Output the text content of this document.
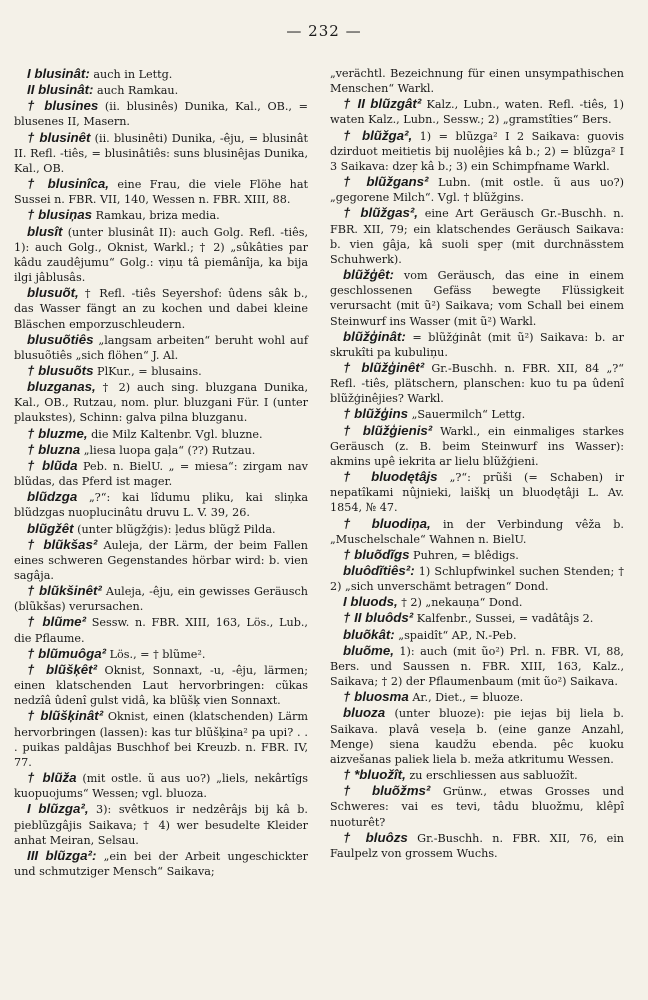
— 232 —

I blusinât: auch in Lettg.

II blusinât: auch Ramkau.

† blusines (ii. blusinês) Dunika, Kal., OB., = blusenes II, Masern.

† blusinêt (ii. blusinêti) Dunika, -êju, = blusinât II. Refl. -tiês, = blusinâtiês: suns blusinêjas Dunika, Kal., OB.

† blusinîca, eine Frau, die viele Flöhe hat Sussei n. FBR. VII, 140, Wessen n. FBR. XIII, 88.

† blusiņas Ramkau, briza media.

blusît (unter blusinât II): auch Golg. Refl. -tiês, 1): auch Golg., Oknist, Warkl.; † 2) „sûkâties par kâdu zaudêjumu“ Golg.: viņu tâ piemânîja, ka bija ilgi jâblusâs.

blusuõt, † Refl. -tiês Seyershof: ûdens sâk b., das Wasser fängt an zu kochen und dabei kleine Bläschen emporzuschleudern.

blusuõtiês „langsam arbeiten“ beruht wohl auf blusuõtiês „sich flöhen“ J. Al.

† blusuõts PlKur., = blusains.

bluzganas, † 2) auch sing. bluzgana Dunika, Kal., OB., Rutzau, nom. plur. bluzgani Für. I (unter plaukstes), Schinn: galva pilna bluzganu.

† bluzme, die Milz Kaltenbr. Vgl. bluzne.

† bluzna „liesa luopa gaļa“ (??) Rutzau.

† blũda Peb. n. BielU. „ = miesa“: zirgam nav blũdas, das Pferd ist mager.

blũdzga „?“: kai lîdumu pliku, kai sliņka blũdzgas nuoplucinâtu druvu L. V. 39, 26.

blũgžêt (unter blũgžģis): ļedus blũgž Pilda.

† blũkšas² Auleja, der Lärm, der beim Fallen eines schweren Gegenstandes hörbar wird: b. vien sagâja.

† blũkšinêt² Auleja, -êju, ein gewisses Geräusch (blũkšas) verursachen.

† blũme² Sessw. n. FBR. XIII, 163, Lös., Lub., die Pflaume.

† blũmuôga² Lös., = † blũme².

† blũšķêt² Oknist, Sonnaxt, -u, -êju, lärmen; einen klatschenden Laut hervorbringen: cũkas nedzîâ ûdenî gulst vidâ, ka blũšķ vien Sonnaxt.

† blũšķinât² Oknist, einen (klatschenden) Lärm hervorbringen (lassen): kas tur blũšķina² pa upi? . . . puikas paldâjas Buschhof bei Kreuzb. n. FBR. IV, 77.

† blũža (mit ostle. ũ aus uo?) „liels, nekârtîgs kuopuojums“ Wessen; vgl. bluoza.

I blũzga², 3): svêtkuos ir nedzêrâjs bij kâ b. pieblũzgâjis Saikava; † 4) wer besudelte Kleider anhat Meiran, Selsau.

III blũzga²: „ein bei der Arbeit ungeschickter und schmutziger Mensch“ Saikava;

„verächtl. Bezeichnung für einen unsympathischen Menschen“ Warkl.

† II blũzgât² Kalz., Lubn., waten. Refl. -tiês, 1) waten Kalz., Lubn., Sessw.; 2) „gramstîties“ Bers.

† blũžga², 1) = blũzga² I 2 Saikava: guovis dzirduot meitietis bij nuolêjies kâ b.; 2) = blũzga² I 3 Saikava: dzeŗ kâ b.; 3) ein Schimpfname Warkl.

† blũžgans² Lubn. (mit ostle. ũ aus uo?) „gegorene Milch“. Vgl. † blũžgins.

† blũžgas², eine Art Geräusch Gr.-Buschh. n. FBR. XII, 79; ein klatschendes Geräusch Saikava: b. vien gâja, kâ suoli speŗ (mit durchnässtem Schuhwerk).

blũžģêt: vom Geräusch, das eine in einem geschlossenen Gefäss bewegte Flüssigkeit verursacht (mit ũ²) Saikava; vom Schall bei einem Steinwurf ins Wasser (mit ũ²) Warkl.

blũžģinât: = blũžģinât (mit ũ²) Saikava: b. ar skrukîti pa kubuliņu.

† blũžģinêt² Gr.-Buschh. n. FBR. XII, 84 „?“ Refl. -tiês, plätschern, planschen: kuo tu pa ûdenî blũžģinêjies? Warkl.

† blũžģins „Sauermilch“ Lettg.

† blũžģienis² Warkl., ein einmaliges starkes Geräusch (z. B. beim Steinwurf ins Wasser): akmins upê iekrita ar lielu blũžģieni.

† bluodętâjs „?“: prũši (= Schaben) ir nepatîkami nûjnieki, laiškį un bluodętâji L. Av. 1854, № 47.

† bluodiņa, in der Verbindung vêža b. „Muschelschale“ Wahnen n. BielU.

† bluõdĩgs Puhren, = blêdigs.

bluôdĩtiês²: 1) Schlupfwinkel suchen Stenden; † 2) „sich unverschämt betragen“ Dond.

I bluods, † 2) „nekauņa“ Dond.

† II bluôds² Kalfenbr., Sussei, = vadâtâjs 2.

bluõkât: „spaidît“ AP., N.-Peb.

bluõme, 1): auch (mit ũo²) Prl. n. FBR. VI, 88, Bers. und Saussen n. FBR. XIII, 163, Kalz., Saikava; † 2) der Pflaumenbaum (mit ũo²) Saikava.

† bluosma Ar., Diet., = bluoze.

bluoza (unter bluoze): pie iejas bij liela b. Saikava. plavâ veseļa b. (eine ganze Anzahl, Menge) siena kaudžu ebenda. pêc kuoku aizvešanas paliek liela b. meža atkritumu Wessen.

† *bluožît, zu erschliessen aus sabluožît.

† bluõžms² Grünw., etwas Grosses und Schweres: vai es tevi, tâdu bluožmu, klêpî nuoturêt?

† bluôzs Gr.-Buschh. n. FBR. XII, 76, ein Faulpelz von grossem Wuchs.
